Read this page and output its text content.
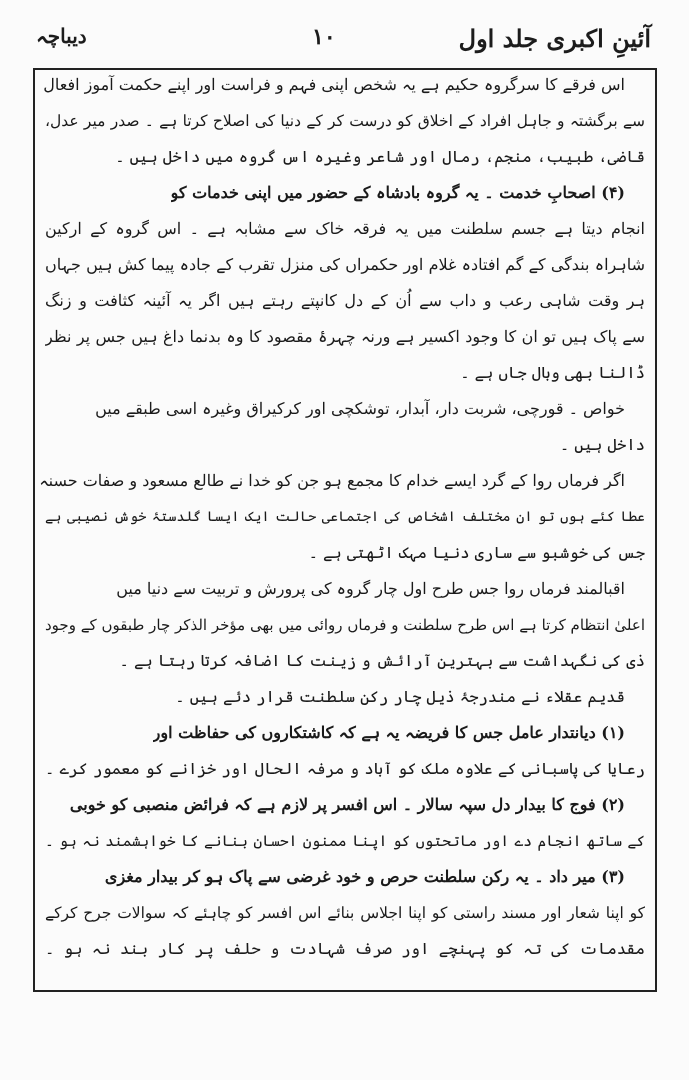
آئینِ اکبری جلد اول
۱۰
دیباچہ
اس فرقے کا سرگروہ حکیم ہے یہ شخص اپنی فہم و فراست اور اپنے حکمت آموز افعال
سے برگشتہ و جاہل افراد کے اخلاق کو درست کر کے دنیا کی اصلاح کرتا ہے ۔ صدر میر عدل،
قاضی، طبیب، منجم، رمال اور شاعر وغیرہ اس گروہ میں داخل ہیں ۔
(۴) اصحابِ خدمت ۔ یہ گروہ بادشاہ کے حضور میں اپنی خدمات کو
انجام دیتا ہے جسم سلطنت میں یہ فرقہ خاک سے مشابہ ہے ۔ اس گروہ کے ارکین
شاہراہ بندگی کے گم افتادہ غلام اور حکمراں کی منزل تقرب کے جادہ پیما کش ہیں جہاں
ہر وقت شاہی رعب و داب سے اُن کے دل کانپتے رہتے ہیں اگر یہ آئینہ کثافت و زنگ
سے پاک ہیں تو ان کا وجود اکسیر ہے ورنہ چہرۂ مقصود کا وہ بدنما داغ ہیں جس پر نظر
ڈالنا بھی وبال جاں ہے ۔
خواص ۔ قورچی، شربت دار، آبدار، توشکچی اور کرکیراق وغیرہ اسی طبقے میں
داخل ہیں ۔
اگر فرماں روا کے گرد ایسے خدام کا مجمع ہو جن کو خدا نے طالع مسعود و صفات حسنہ
عطا کئے ہوں تو ان مختلف اشخاص کی اجتماعی حالت ایک ایسا گلدستۂ خوش نصیبی ہے
جس کی خوشبو سے ساری دنیا مہک اٹھتی ہے ۔
اقبالمند فرماں روا جس طرح اول چار گروہ کی پرورش و تربیت سے دنیا میں
اعلیٰ انتظام کرتا ہے اس طرح سلطنت و فرماں روائی میں بھی مؤخر الذکر چار طبقوں کے وجود
ذی کی نگہداشت سے بہترین آرائش و زینت کا اضافہ کرتا رہتا ہے ۔
قدیم عقلاء نے مندرجۂ ذیل چار رکن سلطنت قرار دئے ہیں ۔
(۱) دیانتدار عامل جس کا فریضہ یہ ہے کہ کاشتکاروں کی حفاظت اور
رعایا کی پاسبانی کے علاوہ ملک کو آباد و مرفہ الحال اور خزانے کو معمور کرے ۔
(۲) فوج کا بیدار دل سپہ سالار ۔ اس افسر پر لازم ہے کہ فرائض منصبی کو خوبی
کے ساتھ انجام دے اور ماتحتوں کو اپنا ممنون احسان بنانے کا خواہشمند نہ ہو ۔
(۳) میر داد ۔ یہ رکن سلطنت حرص و خود غرضی سے پاک ہو کر بیدار مغزی
کو اپنا شعار اور مسند راستی کو اپنا اجلاس بنائے اس افسر کو چاہئے کہ سوالات جرح کرکے
مقدمات کی تہ کو پہنچے اور صرف شہادت و حلف پر کار بند نہ ہو ۔
